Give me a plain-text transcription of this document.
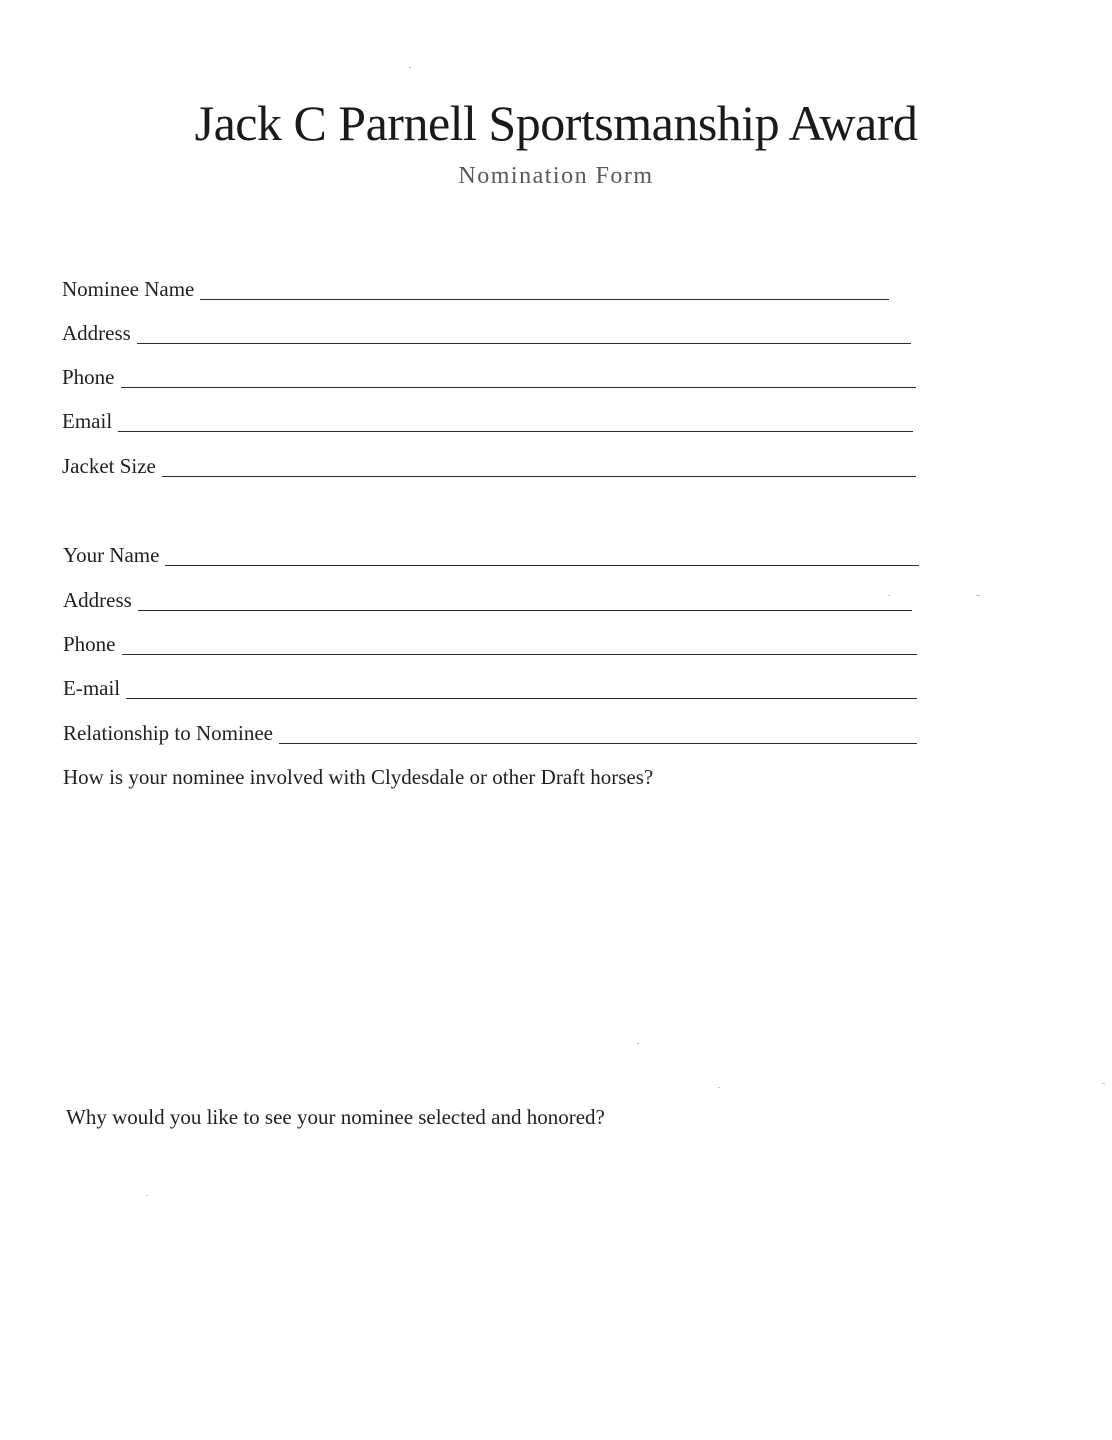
Jack C Parnell Sportsmanship Award
Nomination Form
Nominee Name
Address
Phone
Email
Jacket Size
Your Name
Address
Phone
E-mail
Relationship to Nominee
How is your nominee involved with Clydesdale or other Draft horses?
Why would you like to see your nominee selected and honored?
